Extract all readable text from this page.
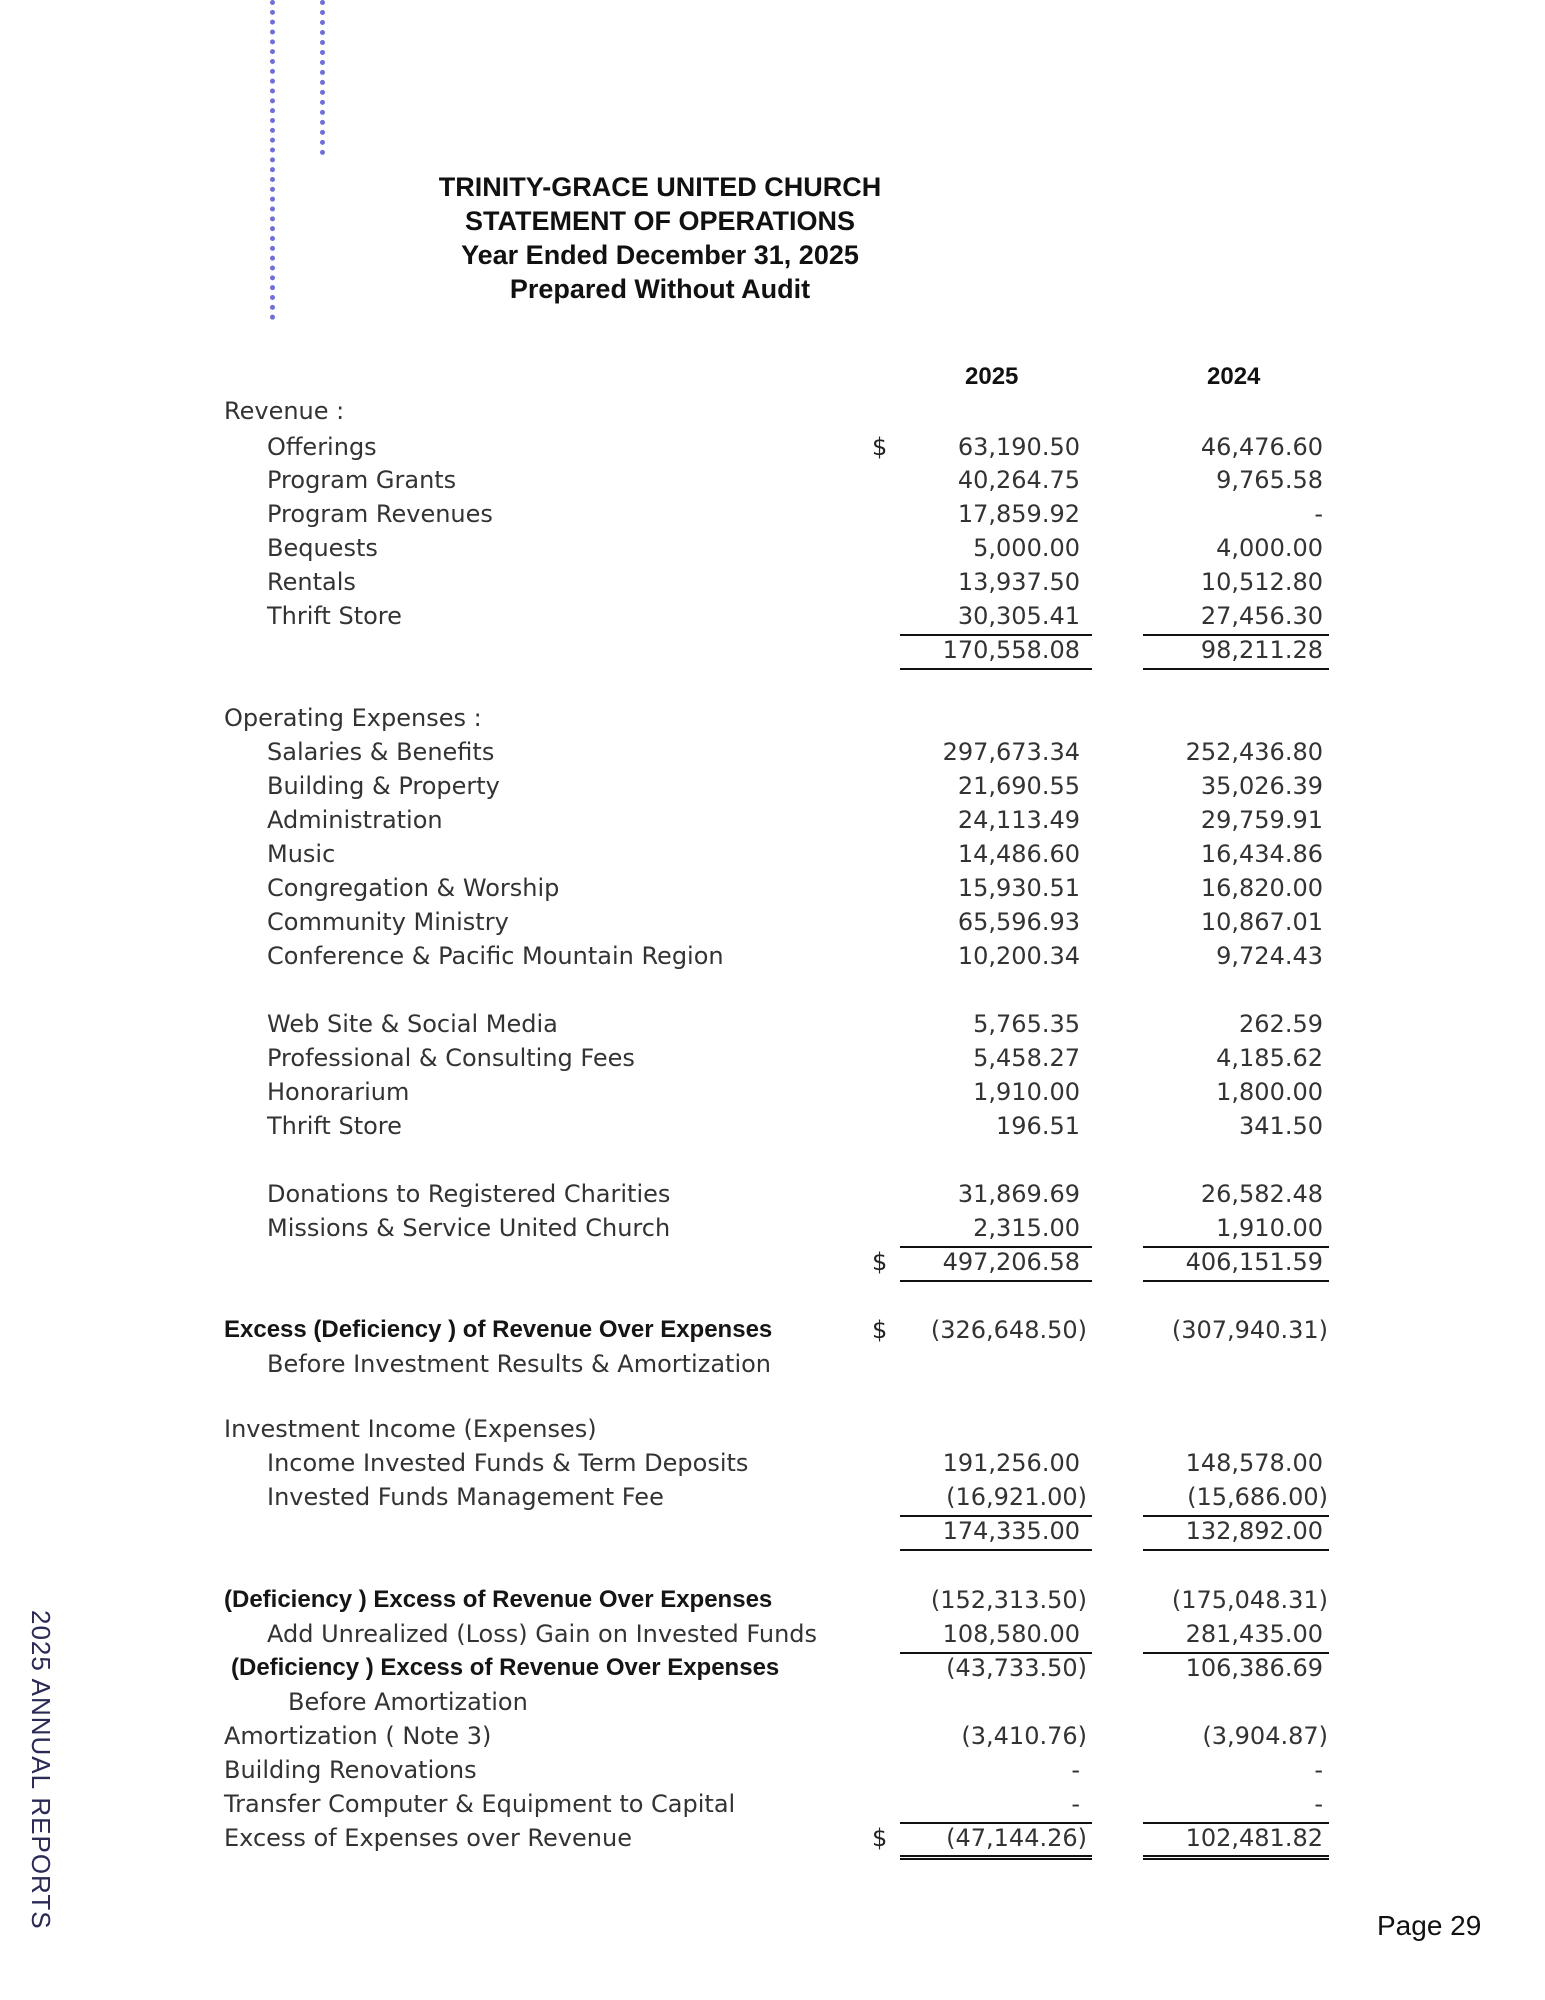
2025 ANNUAL REPORTS
TRINITY-GRACE UNITED CHURCH
STATEMENT OF OPERATIONS
Year Ended December 31, 2025
Prepared Without Audit
2025	2024
Revenue :
Offerings	$	63,190.50	46,476.60
Program Grants	40,264.75	9,765.58
Program Revenues	17,859.92	-
Bequests	5,000.00	4,000.00
Rentals	13,937.50	10,512.80
Thrift Store	30,305.41	27,456.30
170,558.08	98,211.28
Operating Expenses :
Salaries & Benefits	297,673.34	252,436.80
Building & Property	21,690.55	35,026.39
Administration	24,113.49	29,759.91
Music	14,486.60	16,434.86
Congregation & Worship	15,930.51	16,820.00
Community Ministry	65,596.93	10,867.01
Conference & Pacific Mountain Region	10,200.34	9,724.43
Web Site & Social Media	5,765.35	262.59
Professional & Consulting Fees	5,458.27	4,185.62
Honorarium	1,910.00	1,800.00
Thrift Store	196.51	341.50
Donations to Registered Charities	31,869.69	26,582.48
Missions & Service United Church	2,315.00	1,910.00
$	497,206.58	406,151.59
Excess (Deficiency ) of Revenue Over Expenses	$	(326,648.50)	(307,940.31)
Before Investment Results & Amortization
Investment Income (Expenses)
Income Invested Funds & Term Deposits	191,256.00	148,578.00
Invested Funds Management Fee	(16,921.00)	(15,686.00)
174,335.00	132,892.00
(Deficiency ) Excess of Revenue Over Expenses	(152,313.50)	(175,048.31)
Add Unrealized (Loss) Gain on Invested Funds	108,580.00	281,435.00
(Deficiency ) Excess of Revenue Over Expenses	(43,733.50)	106,386.69
Before Amortization
Amortization ( Note 3)	(3,410.76)	(3,904.87)
Building Renovations	-	-
Transfer Computer & Equipment to Capital	-	-
Excess of Expenses over Revenue	$	(47,144.26)	102,481.82
Page 29
